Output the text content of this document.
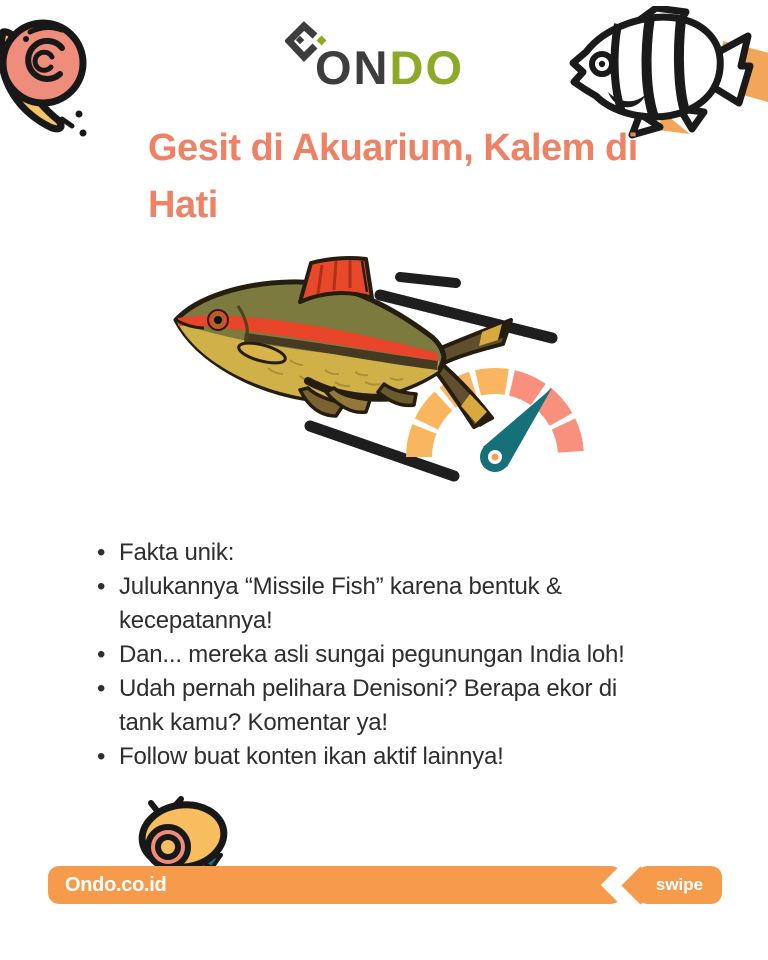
ONDO
Gesit di Akuarium, Kalem di Hati
• Fakta unik:
• Julukannya “Missile Fish” karena bentuk & kecepatannya!
• Dan... mereka asli sungai pegunungan India loh!
• Udah pernah pelihara Denisoni? Berapa ekor di tank kamu? Komentar ya!
• Follow buat konten ikan aktif lainnya!
Ondo.co.id	swipe
